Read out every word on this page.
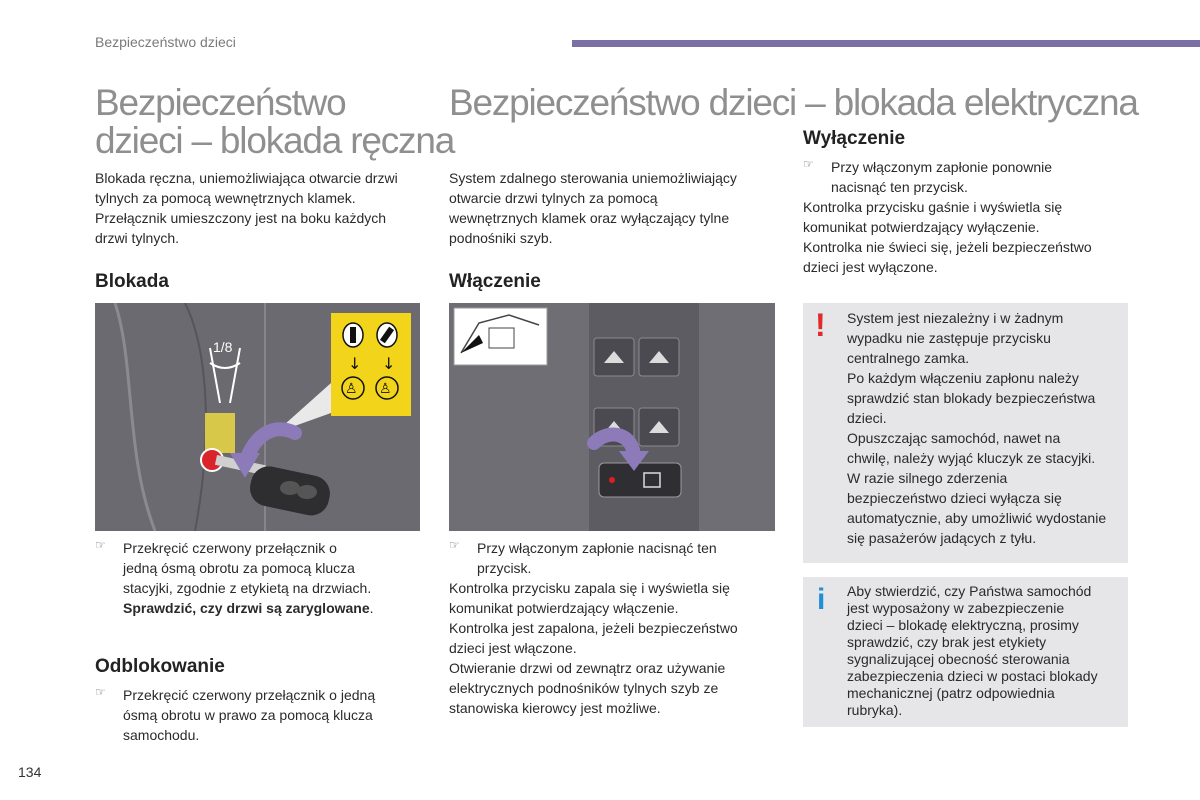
Bezpieczeństwo dzieci
Bezpieczeństwo
dzieci – blokada ręczna

Blokada ręczna, uniemożliwiająca otwarcie drzwi

tylnych za pomocą wewnętrznych klamek.

Przełącznik umieszczony jest na boku każdych

drzwi tylnych.

Blokada
↓ ↓
♙ ♙
1/8
☞ Przekręcić czerwony przełącznik o

jedną ósmą obrotu za pomocą klucza

stacyjki, zgodnie z etykietą na drzwiach.

Sprawdzić, czy drzwi są zaryglowane.

Odblokowanie
☞ Przekręcić czerwony przełącznik o jedną

ósmą obrotu w prawo za pomocą klucza

samochodu.

Bezpieczeństwo dzieci – blokada elektryczna

System zdalnego sterowania uniemożliwiający

otwarcie drzwi tylnych za pomocą

wewnętrznych klamek oraz wyłączający tylne

podnośniki szyb.

Włączenie
☞ Przy włączonym zapłonie nacisnąć ten

przycisk.

Kontrolka przycisku zapala się i wyświetla się

komunikat potwierdzający włączenie.

Kontrolka jest zapalona, jeżeli bezpieczeństwo

dzieci jest włączone.

Otwieranie drzwi od zewnątrz oraz używanie

elektrycznych podnośników tylnych szyb ze

stanowiska kierowcy jest możliwe.

Wyłączenie
☞ Przy włączonym zapłonie ponownie

nacisnąć ten przycisk.

Kontrolka przycisku gaśnie i wyświetla się

komunikat potwierdzający wyłączenie.

Kontrolka nie świeci się, jeżeli bezpieczeństwo

dzieci jest wyłączone.

! System jest niezależny i w żadnym

wypadku nie zastępuje przycisku

centralnego zamka.

Po każdym włączeniu zapłonu należy

sprawdzić stan blokady bezpieczeństwa

dzieci.

Opuszczając samochód, nawet na

chwilę, należy wyjąć kluczyk ze stacyjki.

W razie silnego zderzenia

bezpieczeństwo dzieci wyłącza się

automatycznie, aby umożliwić wydostanie

się pasażerów jadących z tyłu.

i Aby stwierdzić, czy Państwa samochód

jest wyposażony w zabezpieczenie

dzieci – blokadę elektryczną, prosimy

sprawdzić, czy brak jest etykiety

sygnalizującej obecność sterowania

zabezpieczenia dzieci w postaci blokady

mechanicznej (patrz odpowiednia

rubryka).

134
